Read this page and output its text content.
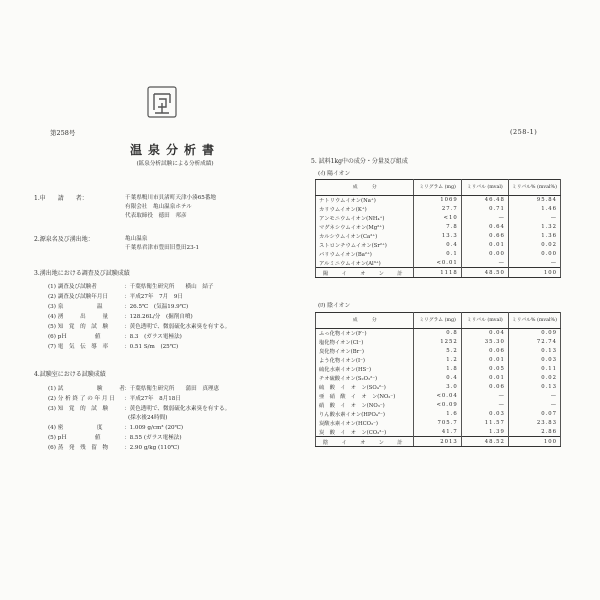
第258号	(258-1)
温泉分析書
(鉱泉分析試験による分析成績)
1.申　　請　　者：	千葉県鴨川市貝渚町天津小湊65番地
有限会社　亀山温泉ホテル
代表取締役　徳田　邦彦
2.源泉名及び湧出地：	亀山温泉
千葉県君津市豊田旧豊田23-1
3.湧出地における調査及び試験成績
(1) 調査及び試験者	：千葉県衛生研究所　　横山　結子
(2) 調査及び試験年月日	：平成27年　7月　9日
(3) 泉　　　　　　温	：26.5℃　(気温19.9℃)
(4) 湧　　　出　　　量	：128.26L/分　(掘削自噴)
(5) 知　覚　的　試　験	：黄色透明で、微弱硫化水素臭を有する。
(6) pＨ　　　　　値	：8.3　(ガラス電極法)
(7) 電　気　伝　導　率	：0.51 S/m　(25℃)
4.試験室における試験成績
(1) 試　　　　　　験　　　者：千葉県衛生研究所　　蒲田　真理恵
(2) 分 析 終 了 の 年 月 日 ：平成27年　8月18日
(3) 知　覚　的　試　験	：黄色透明で、微弱硫化水素臭を有する。
(採水後24時間)
(4) 密　　　　　　度	：1.009 g/cm³ (20℃)
(5) pＨ　　　　　値	：8.55 (ガラス電極法)
(6) 蒸　発　残　留　物	：2.90 g/kg (110℃)
5. 試料1kg中の成分・分量及び組成
(ｲ) 陽イオン
成　　　分	ミリグラム (mg)	ミリバル (mval)	ミリバル% (mval%)
ナトリウムイオン(Na⁺)	1069	46.48	95.84
カリウムイオン(K⁺)	27.7	0.71	1.46
アンモニウムイオン(NH₄⁺)	<10	—	—
マグネシウムイオン(Mg²⁺)	7.8	0.64	1.32
カルシウムイオン(Ca²⁺)	13.3	0.66	1.36
ストロンチウムイオン(Sr²⁺)	0.4	0.01	0.02
バリウムイオン(Ba²⁺)	0.1	0.00	0.00
アルミニウムイオン(Al³⁺)	<0.01	—	—
陽　イ　オ　ン　計	1118	48.50	100
(ﾛ) 陰イオン
成　　　分	ミリグラム (mg)	ミリバル (mval)	ミリバル% (mval%)
ふっ化物イオン(F⁻)	0.8	0.04	0.09
塩化物イオン(Cl⁻)	1252	35.30	72.74
臭化物イオン(Br⁻)	5.2	0.06	0.13
よう化物イオン(I⁻)	1.2	0.01	0.03
硫化水素イオン(HS⁻)	1.8	0.05	0.11
チオ硫酸イオン(S₂O₃²⁻)	0.4	0.01	0.02
硫　酸　イ　オ　ン(SO₄²⁻)	3.0	0.06	0.13
亜　硝　酸　イ　オ　ン(NO₂⁻)	<0.04	—	—
硝　酸　イ　オ　ン(NO₃⁻)	<0.09	—	—
りん酸水素イオン(HPO₄²⁻)	1.6	0.03	0.07
炭酸水素イオン(HCO₃⁻)	705.7	11.57	23.83
炭　酸　イ　オ　ン(CO₃²⁻)	41.7	1.39	2.86
陰　イ　オ　ン　計	2013	48.52	100
